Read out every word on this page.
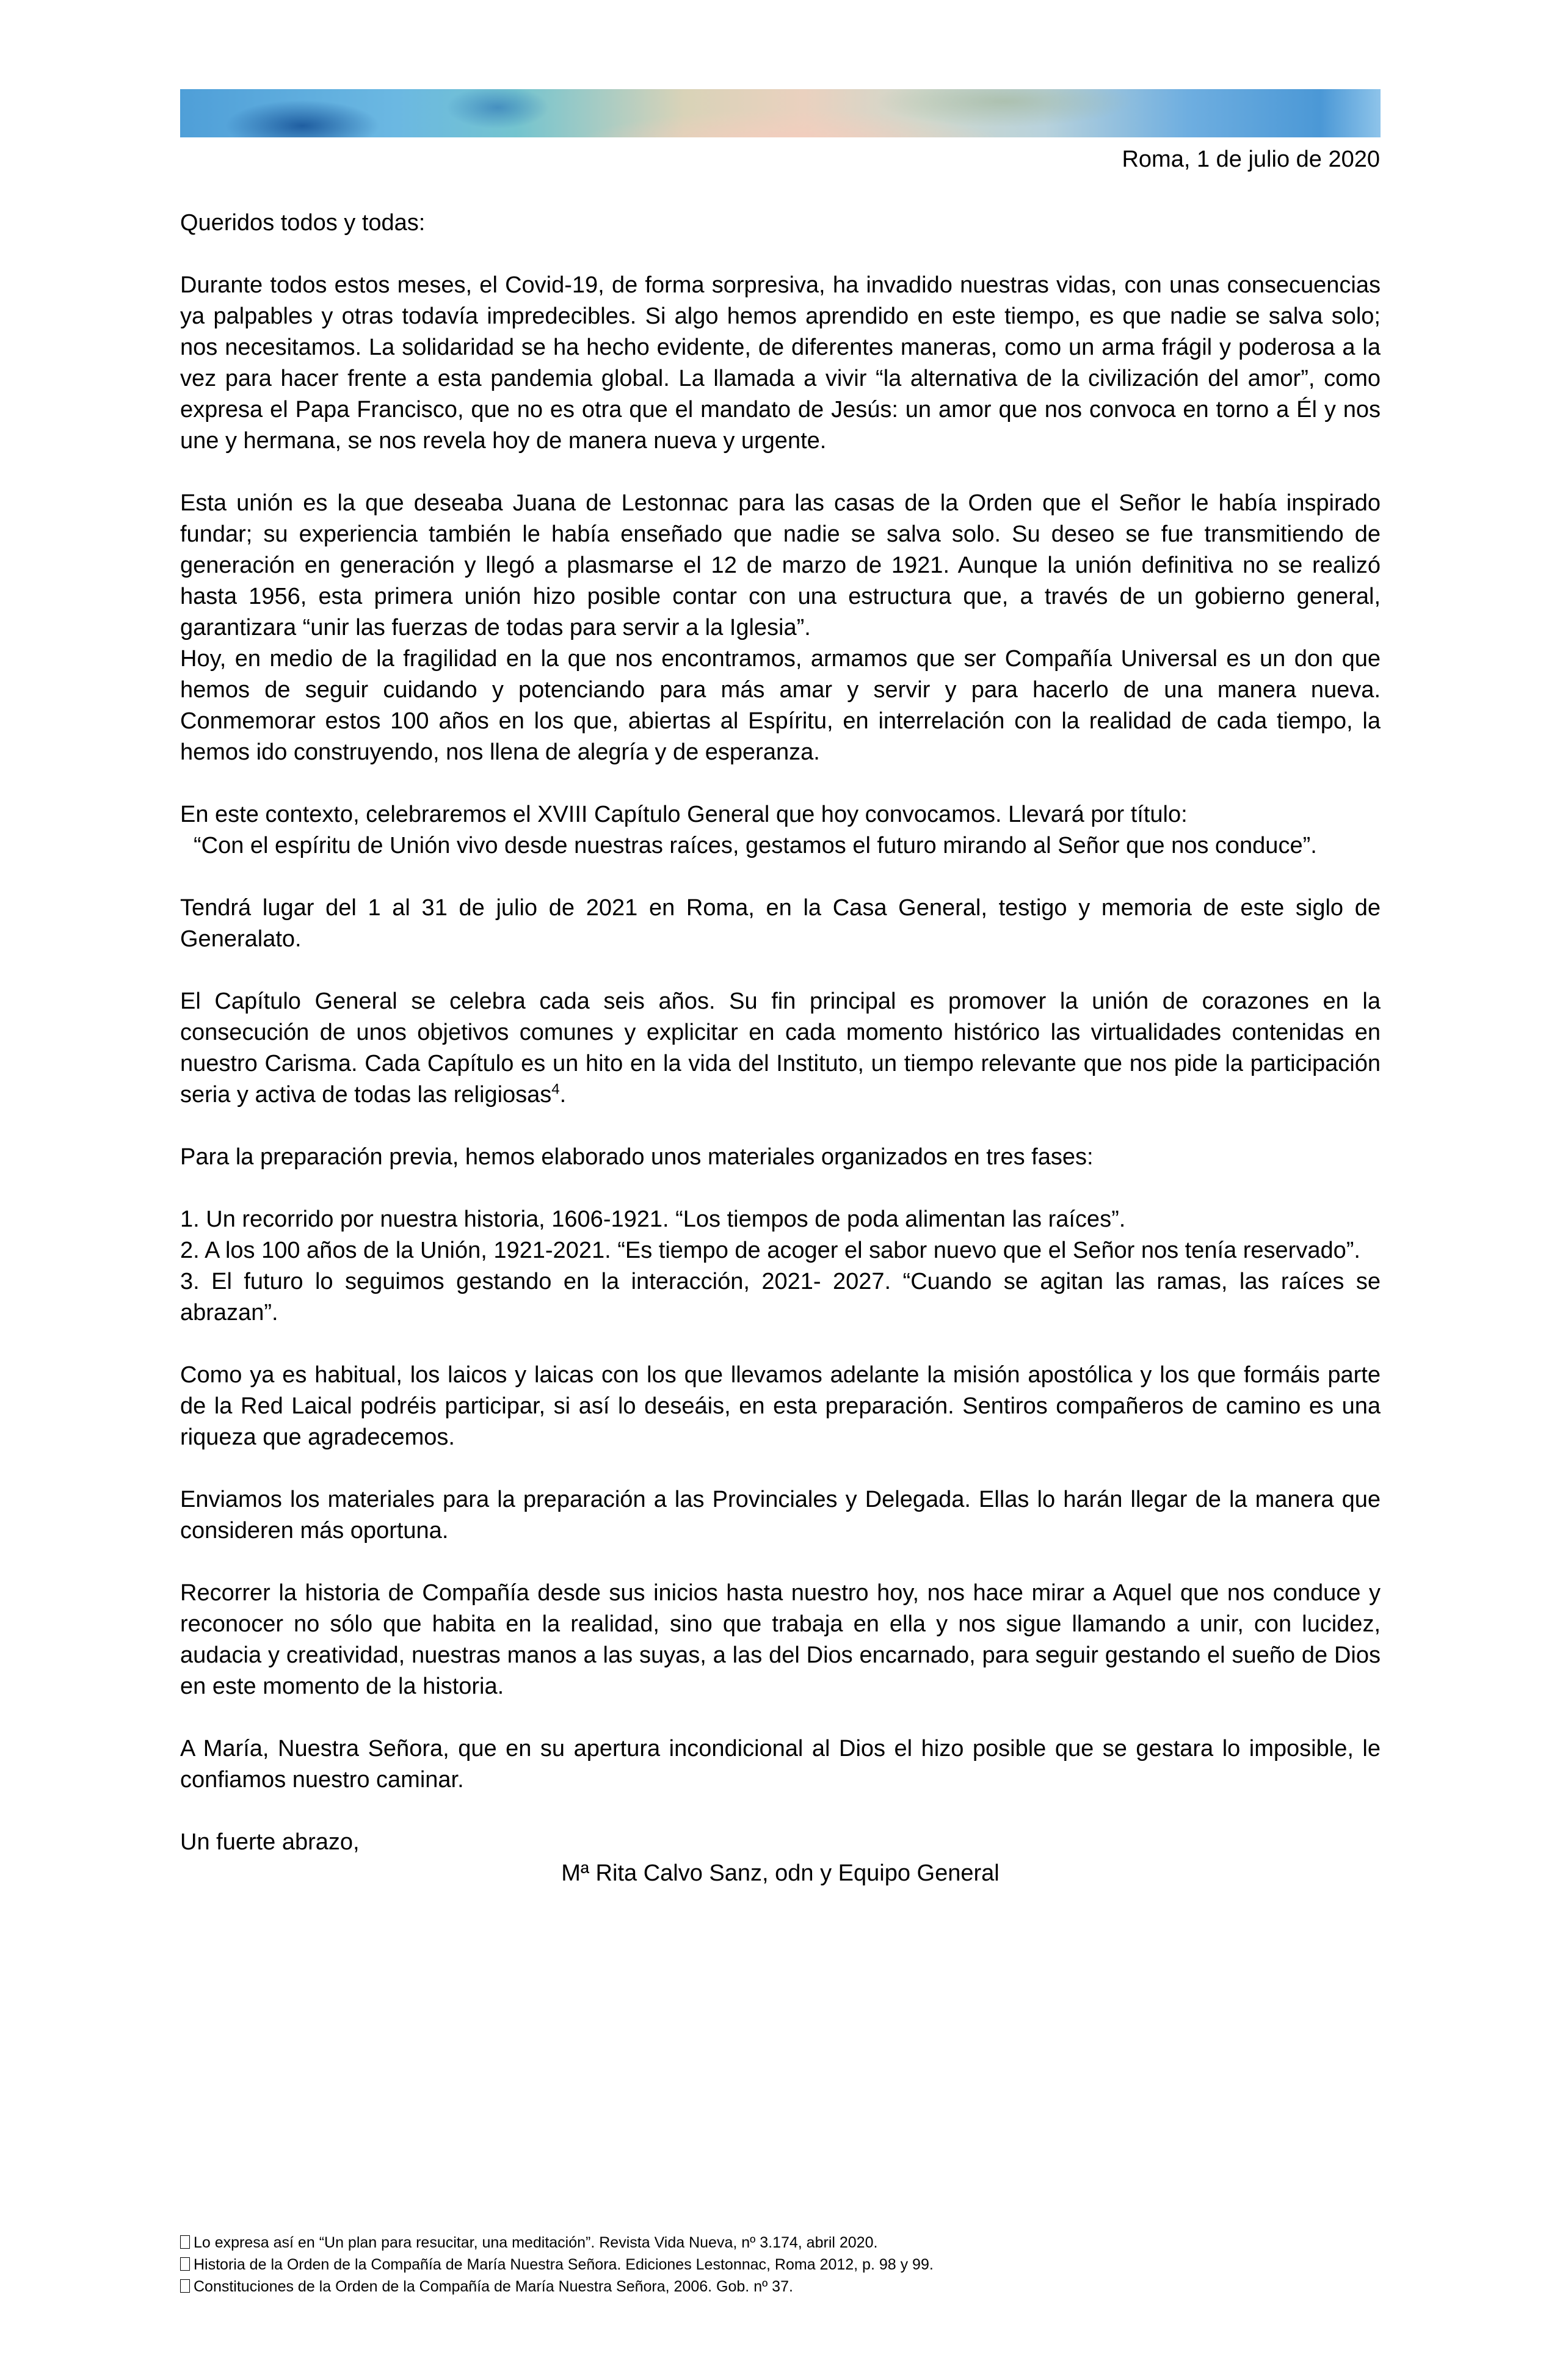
Roma, 1 de julio de 2020

Queridos todos y todas:

Durante todos estos meses, el Covid-19, de forma sorpresiva, ha invadido nuestras vidas, con unas consecuencias ya palpables y otras todavía impredecibles. Si algo hemos aprendido en este tiempo, es que nadie se salva solo; nos necesitamos. La solidaridad se ha hecho evidente, de diferentes maneras, como un arma frágil y poderosa a la vez para hacer frente a esta pandemia global. La llamada a vivir “la alternativa de la civilización del amor”, como expresa el Papa Francisco, que no es otra que el mandato de Jesús: un amor que nos convoca en torno a Él y nos une y hermana, se nos revela hoy de manera nueva y urgente.

Esta unión es la que deseaba Juana de Lestonnac para las casas de la Orden que el Señor le había inspirado fundar; su experiencia también le había enseñado que nadie se salva solo. Su deseo se fue transmitiendo de generación en generación y llegó a plasmarse el 12 de marzo de 1921. Aunque la unión definitiva no se realizó hasta 1956, esta primera unión hizo posible contar con una estructura que, a través de un gobierno general, garantizara “unir las fuerzas de todas para servir a la Iglesia”.

Hoy, en medio de la fragilidad en la que nos encontramos, armamos que ser Compañía Universal es un don que hemos de seguir cuidando y potenciando para más amar y servir y para hacerlo de una manera nueva. Conmemorar estos 100 años en los que, abiertas al Espíritu, en interrelación con la realidad de cada tiempo, la hemos ido construyendo, nos llena de alegría y de esperanza.

En este contexto, celebraremos el XVIII Capítulo General que hoy convocamos. Llevará por título:

“Con el espíritu de Unión vivo desde nuestras raíces, gestamos el futuro mirando al Señor que nos conduce”.

Tendrá lugar del 1 al 31 de julio de 2021 en Roma, en la Casa General, testigo y memoria de este siglo de Generalato.

El Capítulo General se celebra cada seis años. Su fin principal es promover la unión de corazones en la consecución de unos objetivos comunes y explicitar en cada momento histórico las virtualidades contenidas en nuestro Carisma. Cada Capítulo es un hito en la vida del Instituto, un tiempo relevante que nos pide la participación seria y activa de todas las religiosas$^4$.

Para la preparación previa, hemos elaborado unos materiales organizados en tres fases:

1. Un recorrido por nuestra historia, 1606-1921. “Los tiempos de poda alimentan las raíces”.

2. A los 100 años de la Unión, 1921-2021. “Es tiempo de acoger el sabor nuevo que el Señor nos tenía reservado”.

3. El futuro lo seguimos gestando en la interacción, 2021- 2027. “Cuando se agitan las ramas, las raíces se abrazan”.

Como ya es habitual, los laicos y laicas con los que llevamos adelante la misión apostólica y los que formáis parte de la Red Laical podréis participar, si así lo deseáis, en esta preparación. Sentiros compañeros de camino es una riqueza que agradecemos.

Enviamos los materiales para la preparación a las Provinciales y Delegada. Ellas lo harán llegar de la manera que consideren más oportuna.

Recorrer la historia de Compañía desde sus inicios hasta nuestro hoy, nos hace mirar a Aquel que nos conduce y reconocer no sólo que habita en la realidad, sino que trabaja en ella y nos sigue llamando a unir, con lucidez, audacia y creatividad, nuestras manos a las suyas, a las del Dios encarnado, para seguir gestando el sueño de Dios en este momento de la historia.

A María, Nuestra Señora, que en su apertura incondicional al Dios el hizo posible que se gestara lo imposible, le confiamos nuestro caminar.

Un fuerte abrazo,

Mª Rita Calvo Sanz, odn y Equipo General

Lo expresa así en “Un plan para resucitar, una meditación”. Revista Vida Nueva, nº 3.174, abril 2020.
Historia de la Orden de la Compañía de María Nuestra Señora. Ediciones Lestonnac, Roma 2012, p. 98 y 99.
Constituciones de la Orden de la Compañía de María Nuestra Señora, 2006. Gob. nº 37.
